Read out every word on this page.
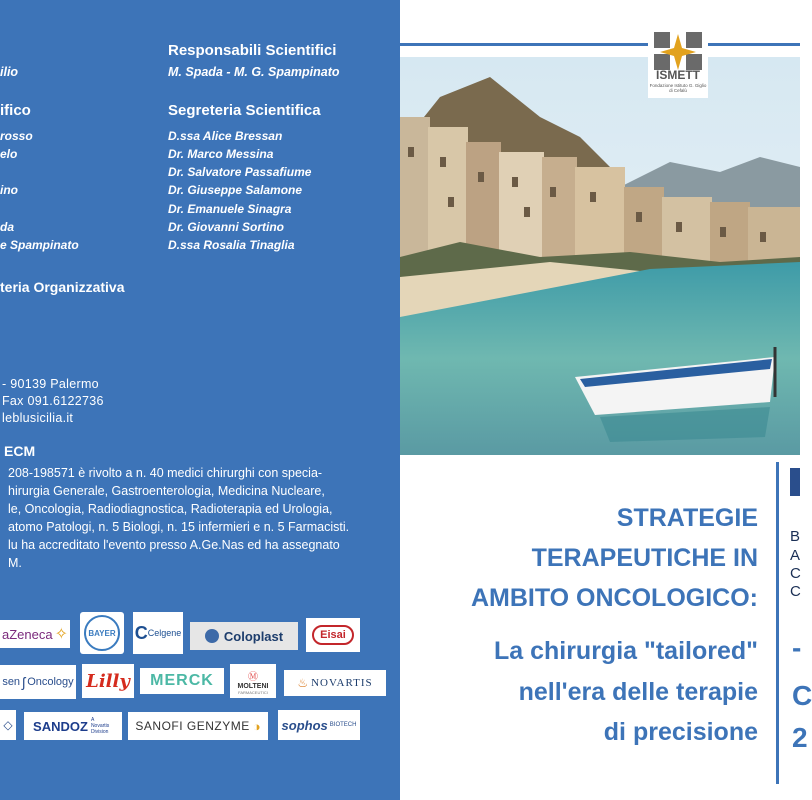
ilio
ifico
rosso
elo
ino
da
e Spampinato
teria Organizzativa
- 90139 Palermo
Fax 091.6122736
leblusicilia.it
Responsabili Scientifici
M. Spada - M. G. Spampinato
Segreteria Scientifica
D.ssa Alice Bressan
Dr. Marco Messina
Dr. Salvatore Passafiume
Dr. Giuseppe Salamone
Dr. Emanuele Sinagra
Dr. Giovanni Sortino
D.ssa Rosalia Tinaglia
ECM
208-198571 è rivolto a n. 40 medici chirurghi con specia-
hirurgia Generale, Gastroenterologia, Medicina Nucleare,
le, Oncologia, Radiodiagnostica, Radioterapia ed Urologia,
atomo Patologi, n. 5 Biologi, n. 15 infermieri e n. 5 Farmacisti.
lu ha accreditato l'evento presso A.Ge.Nas ed ha assegnato
M.
aZeneca ✧	BAYER C Celgene	Coloplast	Eisai
sen ʃ Oncology Lilly MERCK	Ⓜ
MOLTENI
FARMACEUTICI
♨ NOVARTIS
◇ SANDOZ A Novartis Division	SANOFI GENZYME ◑ sophos BIOTECH
ISMETT
Fondazione Istituto G. Giglio di Cefalù
STRATEGIE
TERAPEUTICHE IN
AMBITO ONCOLOGICO:
La chirurgia "tailored"
nell'era delle terapie
di precisione
B
A
C
C
-
C
2
